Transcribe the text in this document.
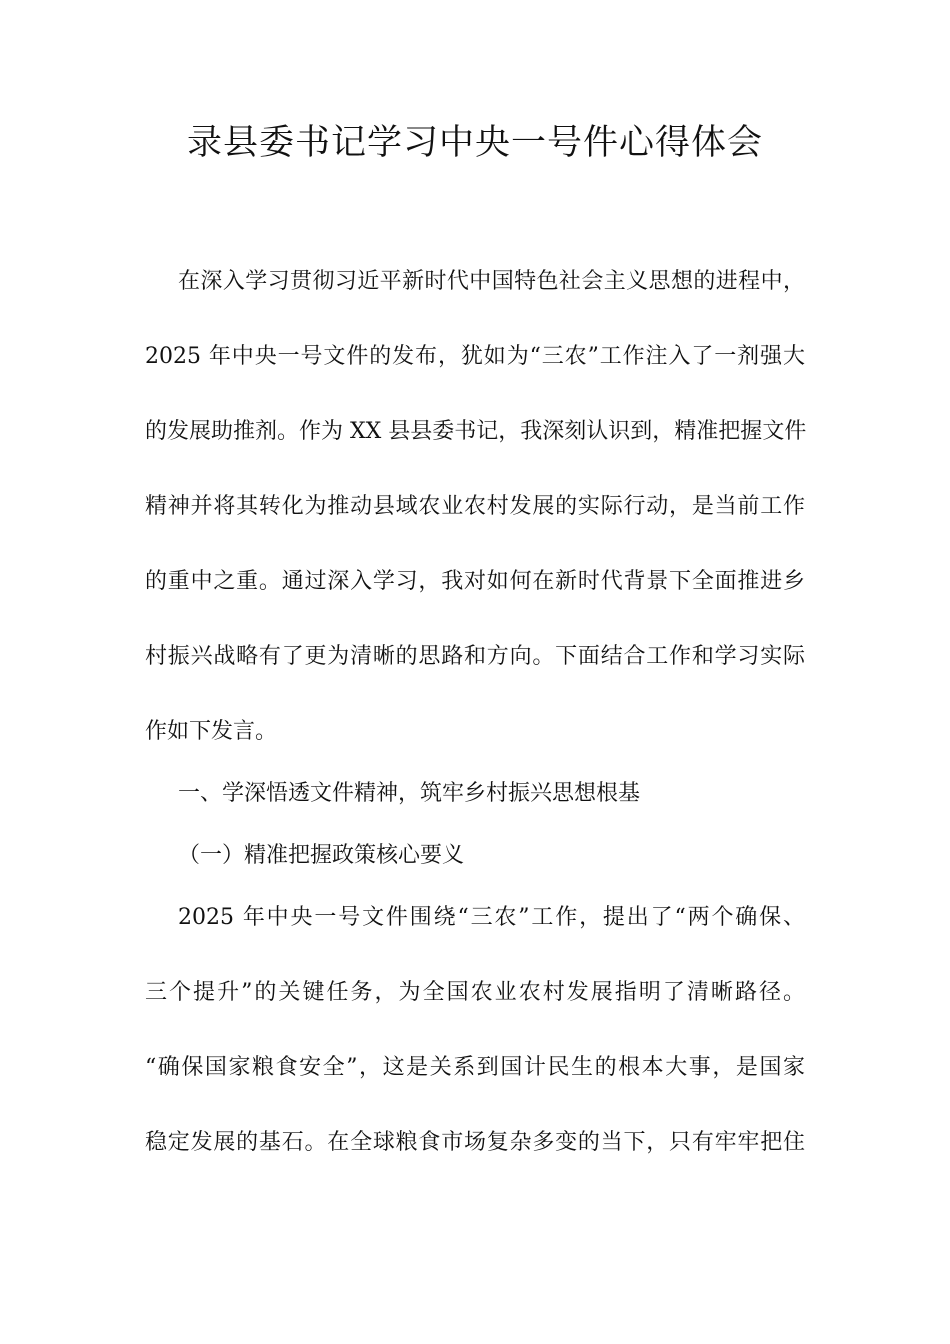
录县委书记学习中央一号件心得体会
在深入学习贯彻习近平新时代中国特色社会主义思想的进程中，
2025 年中央一号文件的发布，犹如为“三农”工作注入了一剂强大
的发展助推剂。作为 XX 县县委书记，我深刻认识到，精准把握文件
精神并将其转化为推动县域农业农村发展的实际行动，是当前工作
的重中之重。通过深入学习，我对如何在新时代背景下全面推进乡
村振兴战略有了更为清晰的思路和方向。下面结合工作和学习实际
作如下发言。
一、学深悟透文件精神，筑牢乡村振兴思想根基
（一）精准把握政策核心要义
2025 年中央一号文件围绕“三农”工作，提出了“两个确保、
三个提升”的关键任务，为全国农业农村发展指明了清晰路径。
“确保国家粮食安全”，这是关系到国计民生的根本大事，是国家
稳定发展的基石。在全球粮食市场复杂多变的当下，只有牢牢把住
